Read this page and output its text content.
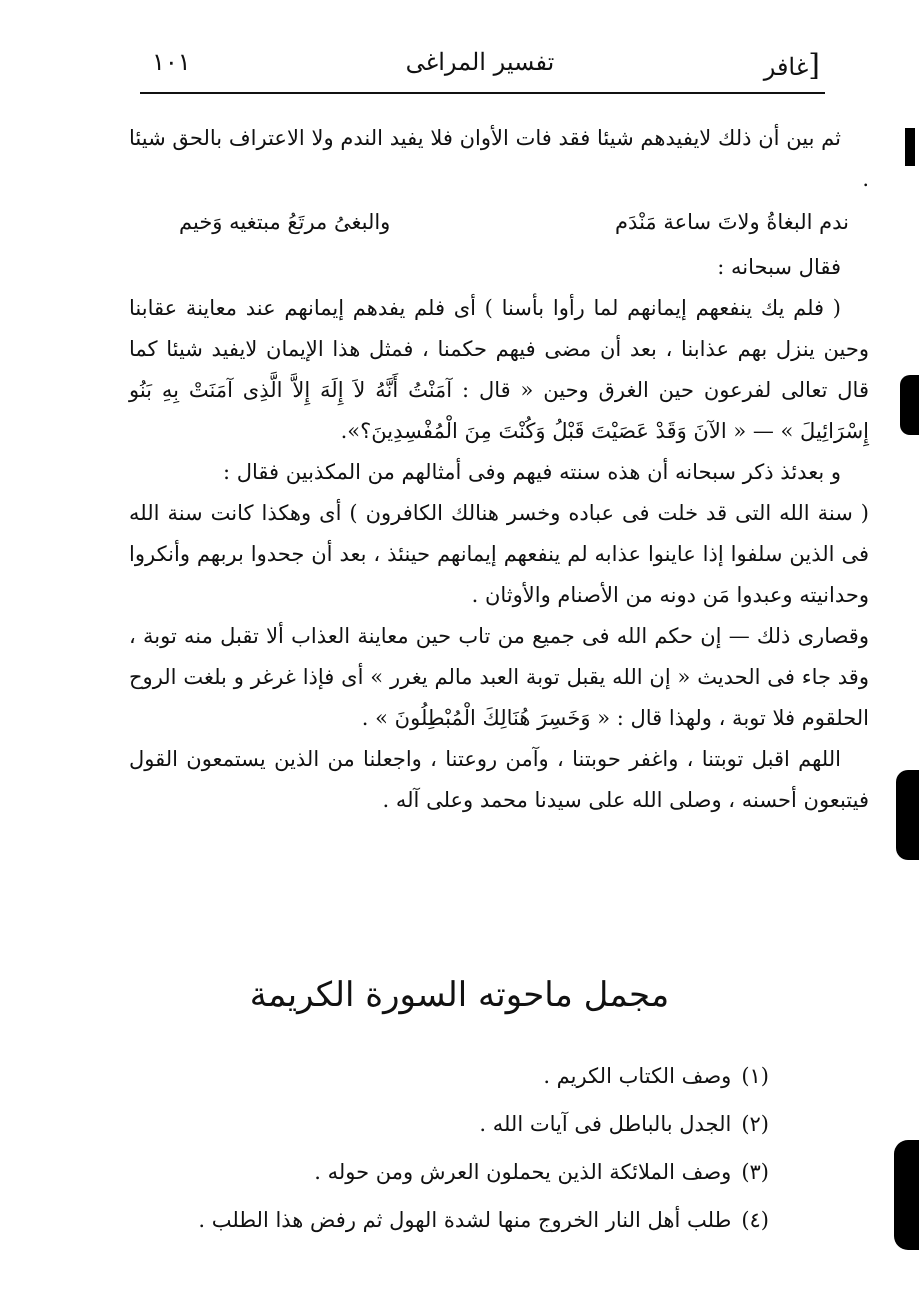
[غافر
تفسير المراغى
١٠١

ثم بين أن ذلك لايفيدهم شيئا فقد فات الأوان فلا يفيد الندم ولا الاعتراف بالحق شيئا .

ندم البغاةُ ولاتَ ساعة مَنْدَم
والبغىُ مرتَعُ مبتغيه وَخيم

فقال سبحانه :

( فلم يك ينفعهم إيمانهم لما رأوا بأسنا ) أى فلم يفدهم إيمانهم عند معاينة عقابنا وحين ينزل بهم عذابنا ، بعد أن مضى فيهم حكمنا ، فمثل هذا الإيمان لايفيد شيئا كما قال تعالى لفرعون حين الغرق وحين « قال : آمَنْتُ أَنَّهُ لاَ إِلَهَ إِلاَّ الَّذِى آمَنَتْ بِهِ بَنُو إِسْرَائِيلَ » — « الآنَ وَقَدْ عَصَيْتَ قَبْلُ وَكُنْتَ مِنَ الْمُفْسِدِينَ؟».

و بعدئذ ذكر سبحانه أن هذه سنته فيهم وفى أمثالهم من المكذبين فقال :

( سنة الله التى قد خلت فى عباده وخسر هنالك الكافرون ) أى وهكذا كانت سنة الله فى الذين سلفوا إذا عاينوا عذابه لم ينفعهم إيمانهم حينئذ ، بعد أن جحدوا بربهم وأنكروا وحدانيته وعبدوا مَن دونه من الأصنام والأوثان .

وقصارى ذلك — إن حكم الله فى جميع من تاب حين معاينة العذاب ألا تقبل منه توبة ، وقد جاء فى الحديث « إن الله يقبل توبة العبد مالم يغرر » أى فإذا غرغر و بلغت الروح الحلقوم فلا توبة ، ولهذا قال : « وَخَسِرَ هُنَالِكَ الْمُبْطِلُونَ » .

اللهم اقبل توبتنا ، واغفر حوبتنا ، وآمن روعتنا ، واجعلنا من الذين يستمعون القول فيتبعون أحسنه ، وصلى الله على سيدنا محمد وعلى آله .

مجمل ماحوته السورة الكريمة

(١)وصف الكتاب الكريم .

(٢)الجدل بالباطل فى آيات الله .

(٣)وصف الملائكة الذين يحملون العرش ومن حوله .

(٤)طلب أهل النار الخروج منها لشدة الهول ثم رفض هذا الطلب .
